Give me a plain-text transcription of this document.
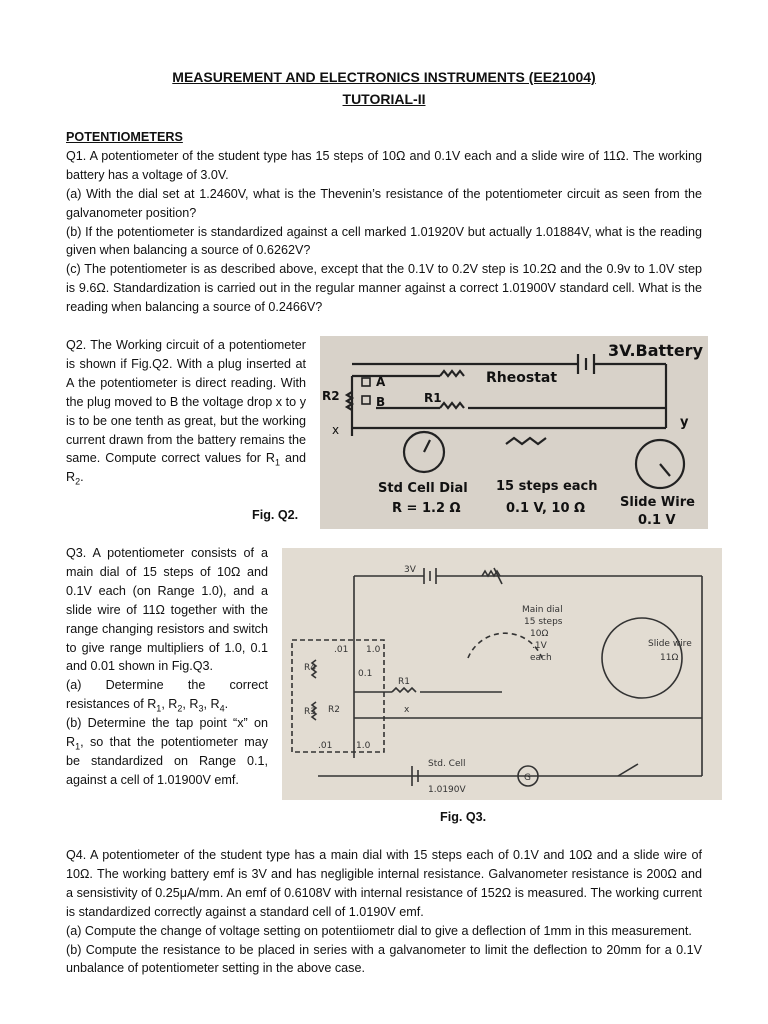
MEASUREMENT AND ELECTRONICS INSTRUMENTS (EE21004)
TUTORIAL-II

POTENTIOMETERS

Q1. A potentiometer of the student type has 15 steps of 10Ω and 0.1V each and a slide wire of 11Ω. The working battery has a voltage of 3.0V.

(a) With the dial set at 1.2460V, what is the Thevenin’s resistance of the potentiometer circuit as seen from the galvanometer position?

(b) If the potentiometer is standardized against a cell marked 1.01920V but actually 1.01884V, what is the reading given when balancing a source of 0.6262V?

(c) The potentiometer is as described above, except that the 0.1V to 0.2V step is 10.2Ω and the 0.9v to 1.0V step is 9.6Ω. Standardization is carried out in the regular manner against a correct 1.01900V standard cell. What is the reading when balancing a source of 0.2466V?

Q2. The Working circuit of a potentiometer is shown if Fig.Q2. With a plug inserted at A the potentiometer is direct reading. With the plug moved to B the voltage drop x to y is to be one tenth as great, but the working current drawn from the battery remains the same. Compute correct values for $R_1$ and $R_2$.

Fig. Q2.
3V.Battery
Rheostat
R2	R1
A
B
x	y
Std Cell Dial
R = 1.2 Ω
15 steps each
0.1 V, 10 Ω	Slide Wire
0.1 V

Q3. A potentiometer consists of a main dial of 15 steps of 10Ω and 0.1V each (on Range 1.0), and a slide wire of 11Ω together with the range changing resistors and switch to give range multipliers of 1.0, 0.1 and 0.01 shown in Fig.Q3.

(a) Determine the correct resistances of $R_1$, $R_2$, $R_3$, $R_4$.

(b) Determine the tap point “x” on $R_1$, so that the potentiometer may be standardized on Range 0.1, against a cell of 1.01900V emf.

Fig. Q3.
3V
Main dial
15 steps
10Ω
.1V
each
Slide wire
11Ω
R4
R3 R2
R1
x
.01 1.0
0.1
.01	1.0
Std. Cell
1.0190V
G

Q4. A potentiometer of the student type has a main dial with 15 steps each of 0.1V and 10Ω and a slide wire of 10Ω. The working battery emf is 3V and has negligible internal resistance. Galvanometer resistance is 200Ω and a sensistivity of 0.25μA/mm. An emf of 0.6108V with internal resistance of 152Ω is measured. The working current is standardized correctly against a standard cell of 1.0190V emf.

(a) Compute the change of voltage setting on potentiiometr dial to give a deflection of 1mm in this measurement.

(b) Compute the resistance to be placed in series with a galvanometer to limit the deflection to 20mm for a 0.1V unbalance of potentiometer setting in the above case.
